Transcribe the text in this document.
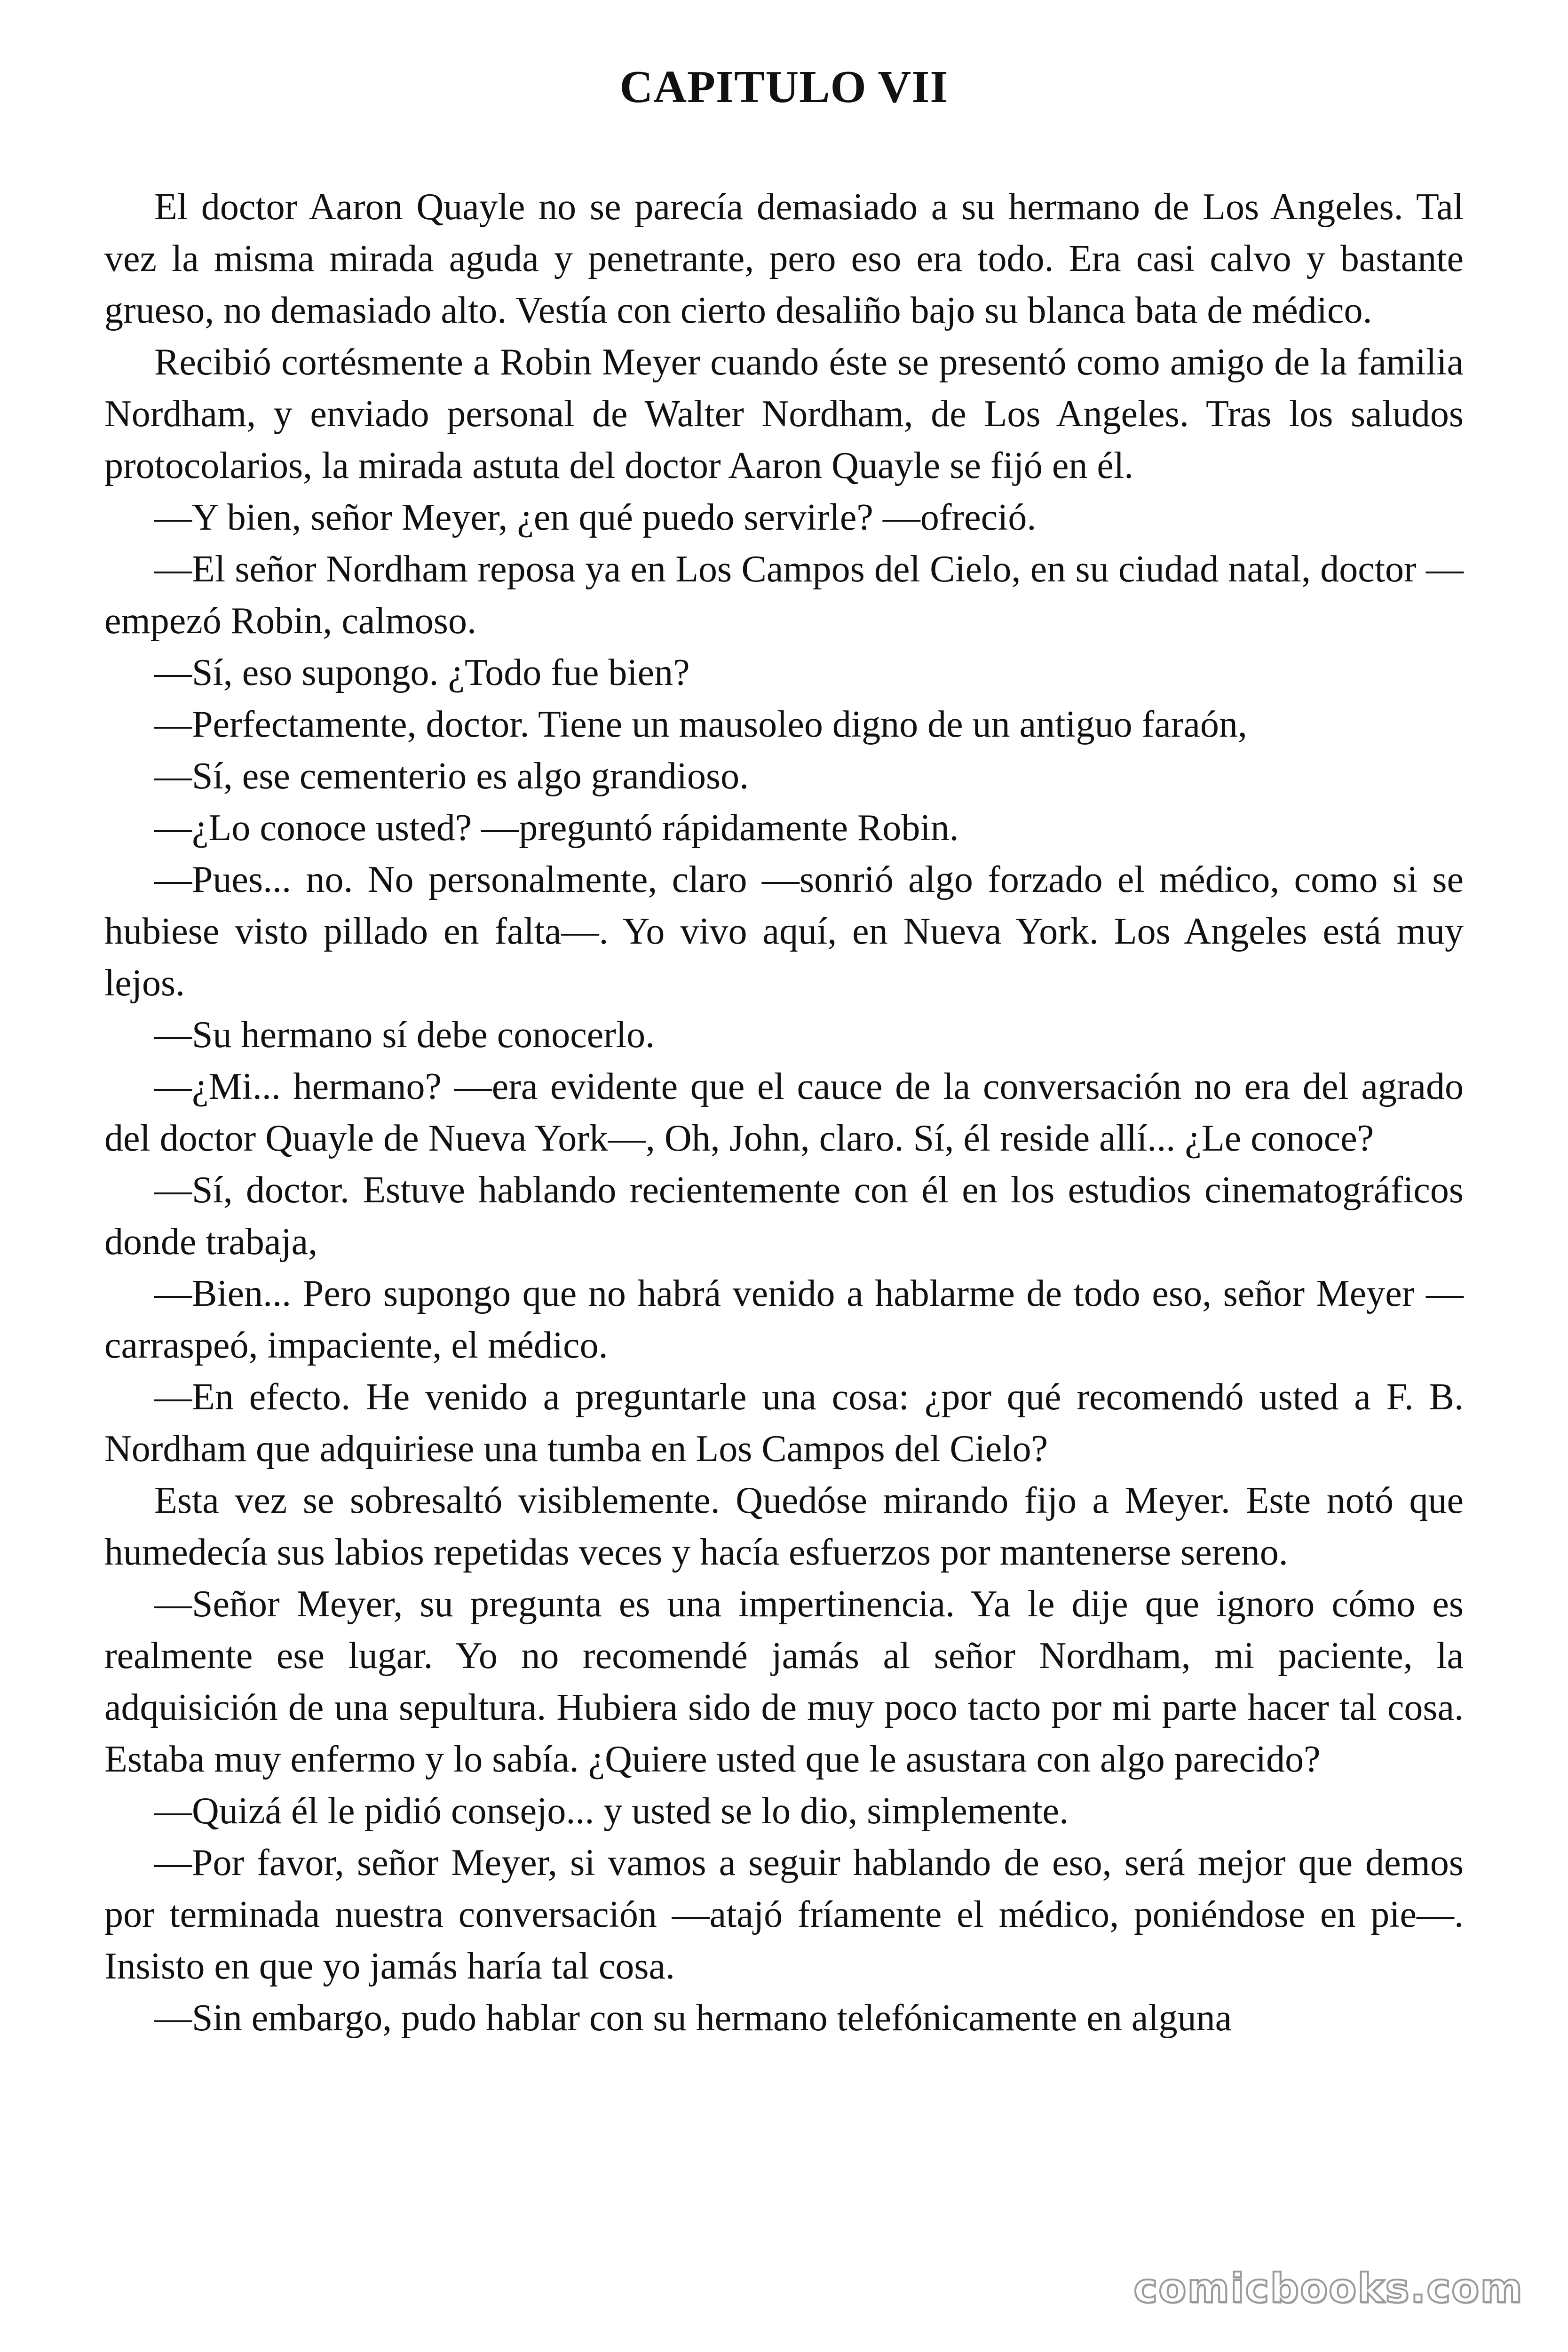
CAPITULO VII

El doctor Aaron Quayle no se parecía demasiado a su hermano de Los Angeles. Tal vez la misma mirada aguda y penetrante, pero eso era todo. Era casi calvo y bastante grueso, no demasiado alto. Vestía con cierto desaliño bajo su blanca bata de médico.

Recibió cortésmente a Robin Meyer cuando éste se presentó como amigo de la familia Nordham, y enviado personal de Walter Nordham, de Los Angeles. Tras los saludos protocolarios, la mirada astuta del doctor Aaron Quayle se fijó en él.

—Y bien, señor Meyer, ¿en qué puedo servirle? —ofreció.

—El señor Nordham reposa ya en Los Campos del Cielo, en su ciudad natal, doctor —empezó Robin, calmoso.

—Sí, eso supongo. ¿Todo fue bien?

—Perfectamente, doctor. Tiene un mausoleo digno de un antiguo faraón,

—Sí, ese cementerio es algo grandioso.

—¿Lo conoce usted? —preguntó rápidamente Robin.

—Pues... no. No personalmente, claro —sonrió algo forzado el médico, como si se hubiese visto pillado en falta—. Yo vivo aquí, en Nueva York. Los Angeles está muy lejos.

—Su hermano sí debe conocerlo.

—¿Mi... hermano? —era evidente que el cauce de la conversación no era del agrado del doctor Quayle de Nueva York—, Oh, John, claro. Sí, él reside allí... ¿Le conoce?

—Sí, doctor. Estuve hablando recientemente con él en los estudios cinematográficos donde trabaja,

—Bien... Pero supongo que no habrá venido a hablarme de todo eso, señor Meyer —carraspeó, impaciente, el médico.

—En efecto. He venido a preguntarle una cosa: ¿por qué recomendó usted a F. B. Nordham que adquiriese una tumba en Los Campos del Cielo?

Esta vez se sobresaltó visiblemente. Quedóse mirando fijo a Meyer. Este notó que humedecía sus labios repetidas veces y hacía esfuerzos por mantenerse sereno.

—Señor Meyer, su pregunta es una impertinencia. Ya le dije que ignoro cómo es realmente ese lugar. Yo no recomendé jamás al señor Nordham, mi paciente, la adquisición de una sepultura. Hubiera sido de muy poco tacto por mi parte hacer tal cosa. Estaba muy enfermo y lo sabía. ¿Quiere usted que le asustara con algo parecido?

—Quizá él le pidió consejo... y usted se lo dio, simplemente.

—Por favor, señor Meyer, si vamos a seguir hablando de eso, será mejor que demos por terminada nuestra conversación —atajó fríamente el médico, poniéndose en pie—. Insisto en que yo jamás haría tal cosa.

—Sin embargo, pudo hablar con su hermano telefónicamente en alguna

comicbooks.com
